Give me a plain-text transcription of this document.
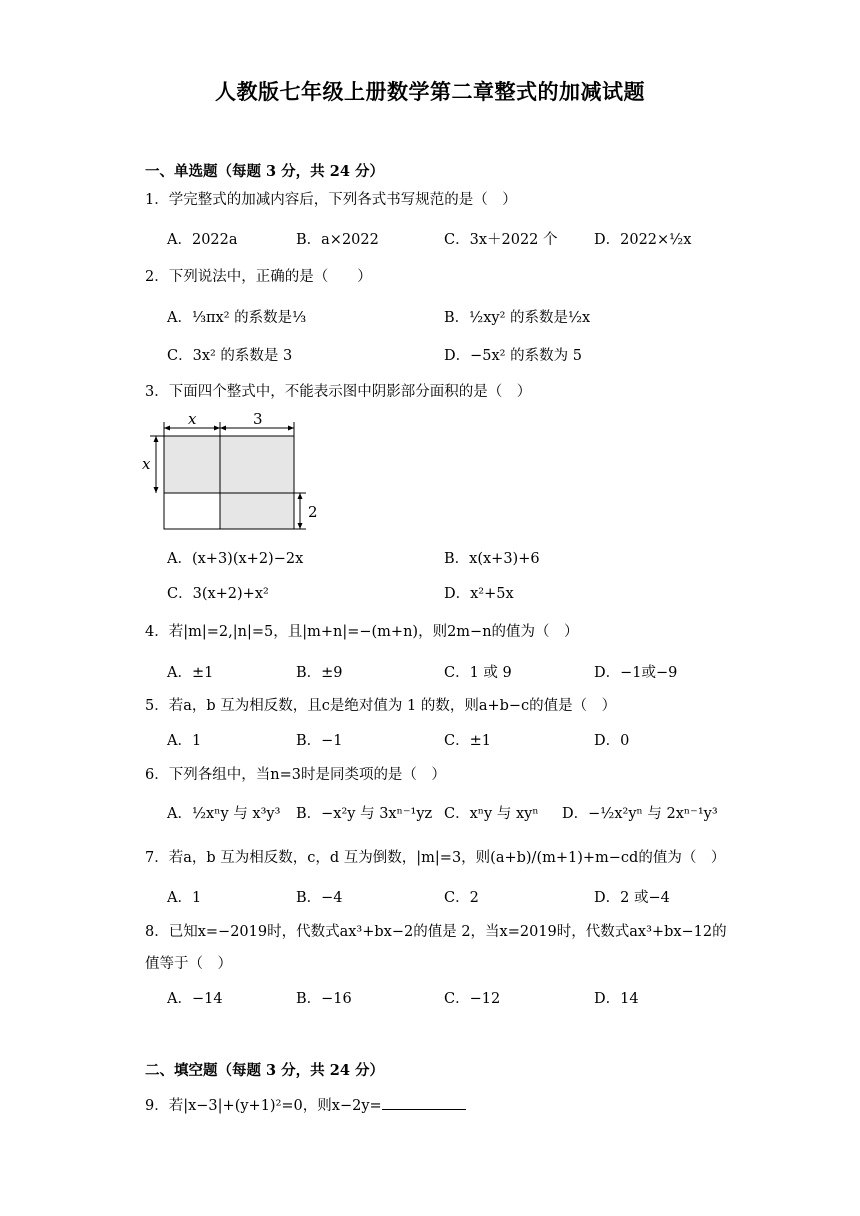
人教版七年级上册数学第二章整式的加减试题
一、单选题（每题 3 分，共 24 分）
1．学完整式的加减内容后，下列各式书写规范的是（　）
A．2022a	B．a×2022	C．3x＋2022 个	D．2022×½x
2．下列说法中，正确的是（　　）
A．⅓πx² 的系数是⅓	B．½xy² 的系数是½x
C．3x² 的系数是 3	D．−5x² 的系数为 5
3．下面四个整式中，不能表示图中阴影部分面积的是（　）
x	3
x
2
A．(x+3)(x+2)−2x	B．x(x+3)+6
C．3(x+2)+x²	D．x²+5x
4．若|m|=2,|n|=5，且|m+n|=−(m+n)，则2m−n的值为（　）
A．±1	B．±9	C．1 或 9	D．−1或−9
5．若a，b 互为相反数，且c是绝对值为 1 的数，则a+b−c的值是（　）
A．1	B．−1	C．±1	D．0
6．下列各组中，当n=3时是同类项的是（　）
A．½xⁿy 与 x³y³ B．−x²y 与 3xⁿ⁻¹yz C．xⁿy 与 xyⁿ D．−½x²yⁿ 与 2xⁿ⁻¹y³
7．若a，b 互为相反数，c，d 互为倒数，|m|=3，则(a+b)/(m+1)+m−cd的值为（　）
A．1	B．−4	C．2	D．2 或−4
8．已知x=−2019时，代数式ax³+bx−2的值是 2，当x=2019时，代数式ax³+bx−12的
值等于（　）
A．−14	B．−16	C．−12	D．14
二、填空题（每题 3 分，共 24 分）
9．若|x−3|+(y+1)²=0，则x−2y=
